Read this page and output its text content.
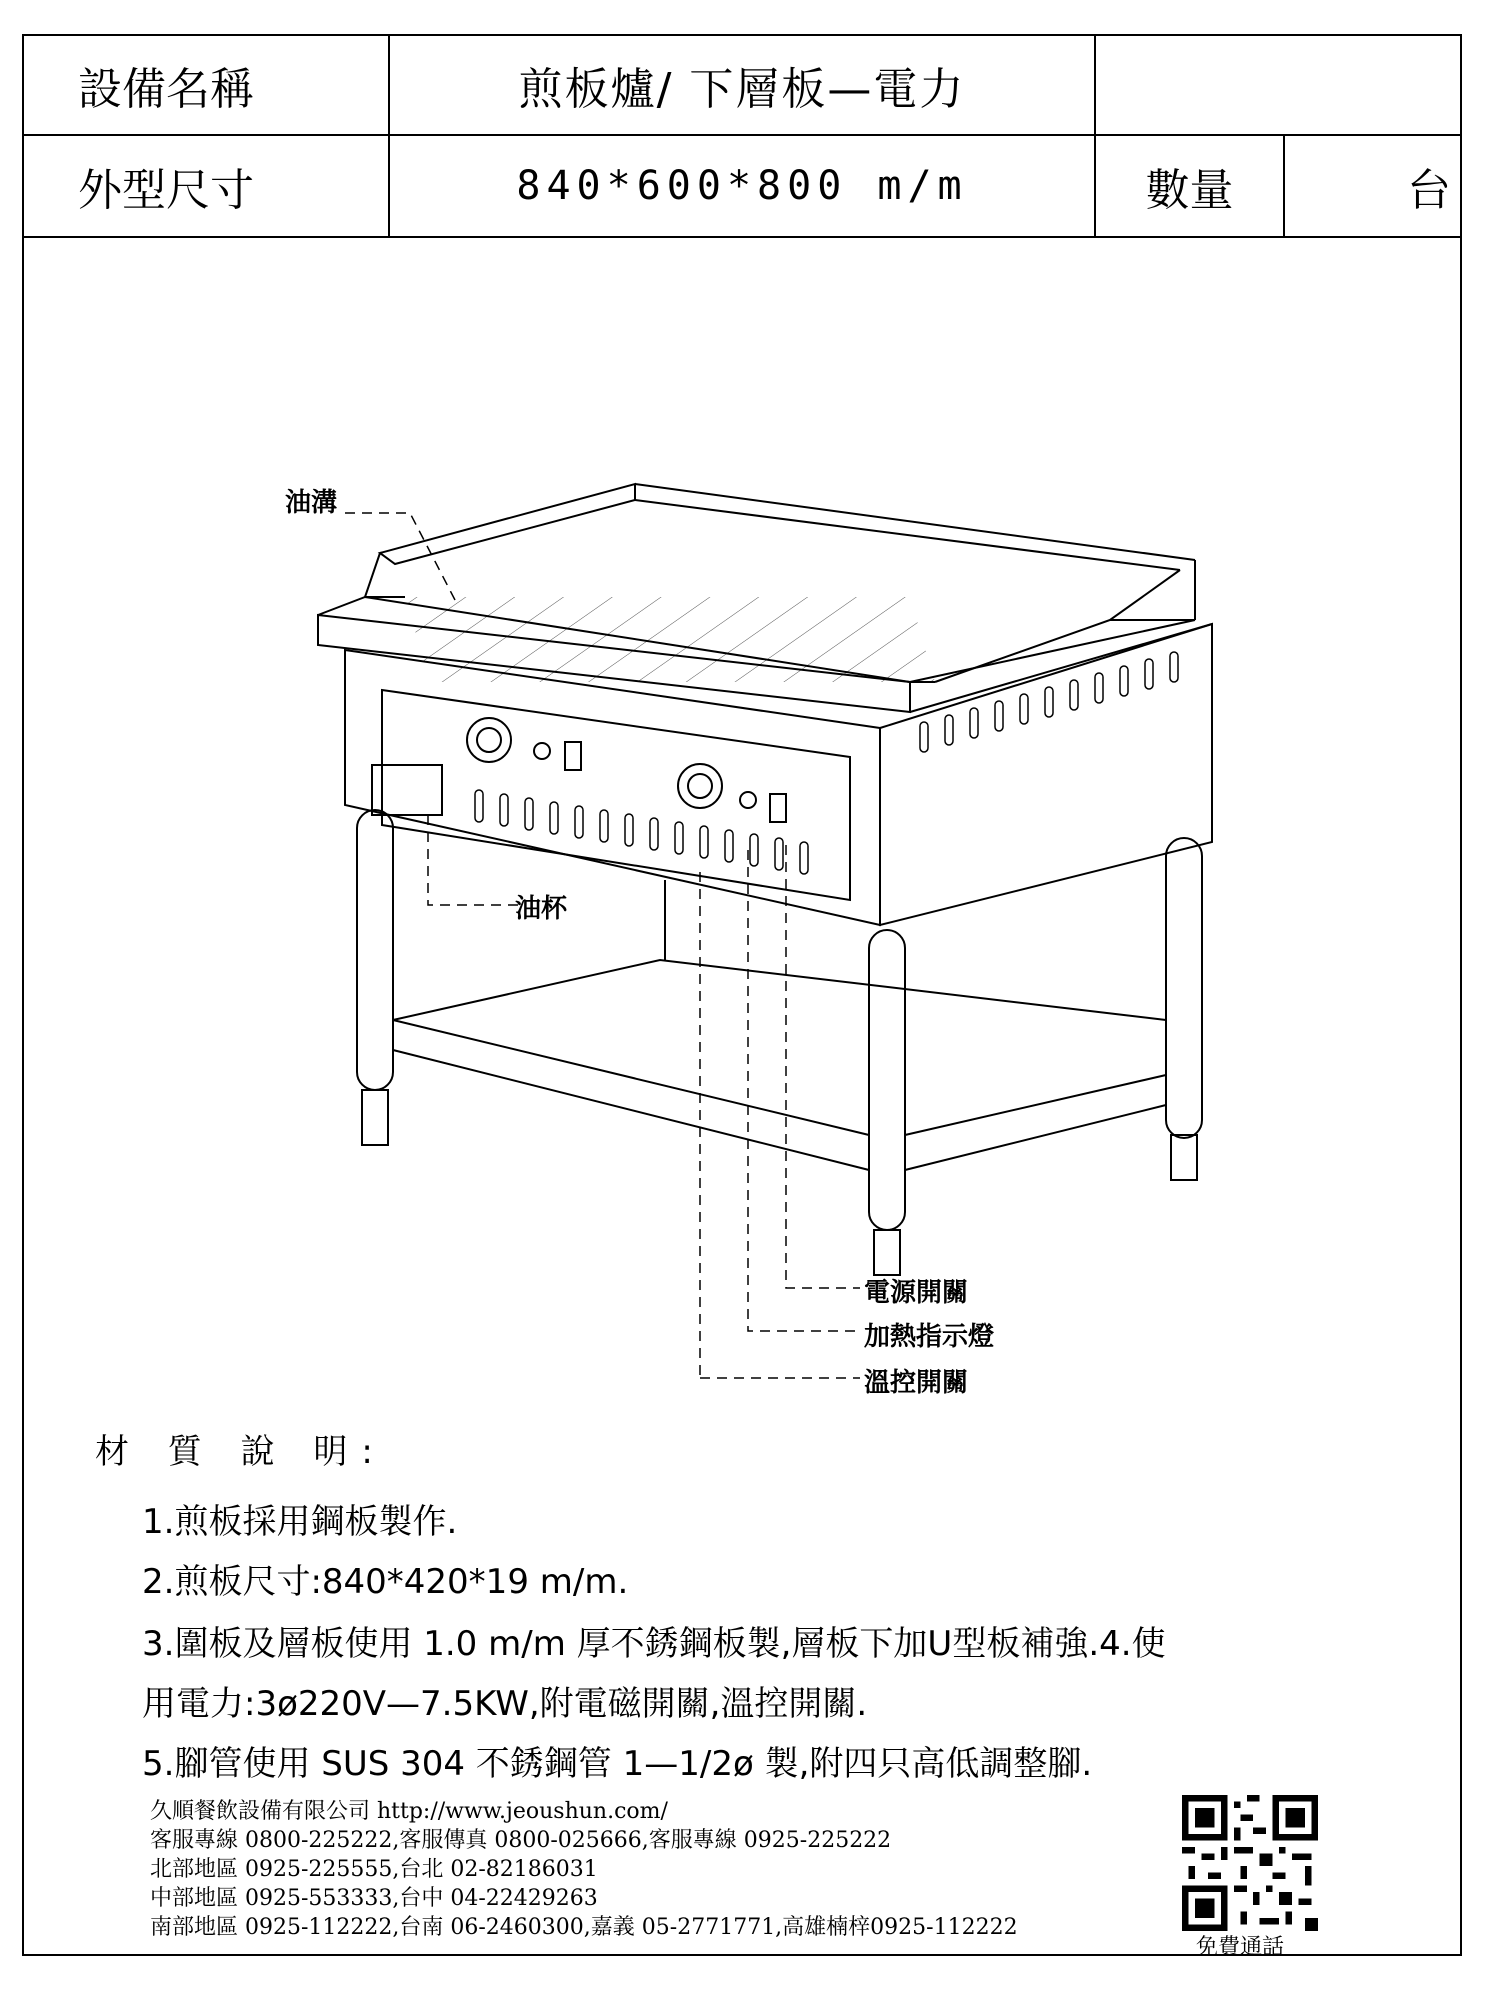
設備名稱	煎板爐/ 下層板—電力
外型尺寸	840*600*800 m/m	數量	台
油溝
油杯
電源開關
加熱指示燈
溫控開關
材 質 說 明:
1.煎板採用鋼板製作.
2.煎板尺寸:840*420*19 m/m.
3.圍板及層板使用 1.0 m/m 厚不銹鋼板製,層板下加U型板補強.4.使
用電力:3ø220V—7.5KW,附電磁開關,溫控開關.
5.腳管使用 SUS 304 不銹鋼管 1—1/2ø 製,附四只高低調整腳.
久順餐飲設備有限公司 http://www.jeoushun.com/
客服專線 0800-225222,客服傳真 0800-025666,客服專線 0925-225222
北部地區 0925-225555,台北 02-82186031
中部地區 0925-553333,台中 04-22429263
南部地區 0925-112222,台南 06-2460300,嘉義 05-2771771,高雄楠梓0925-112222
免費通話
